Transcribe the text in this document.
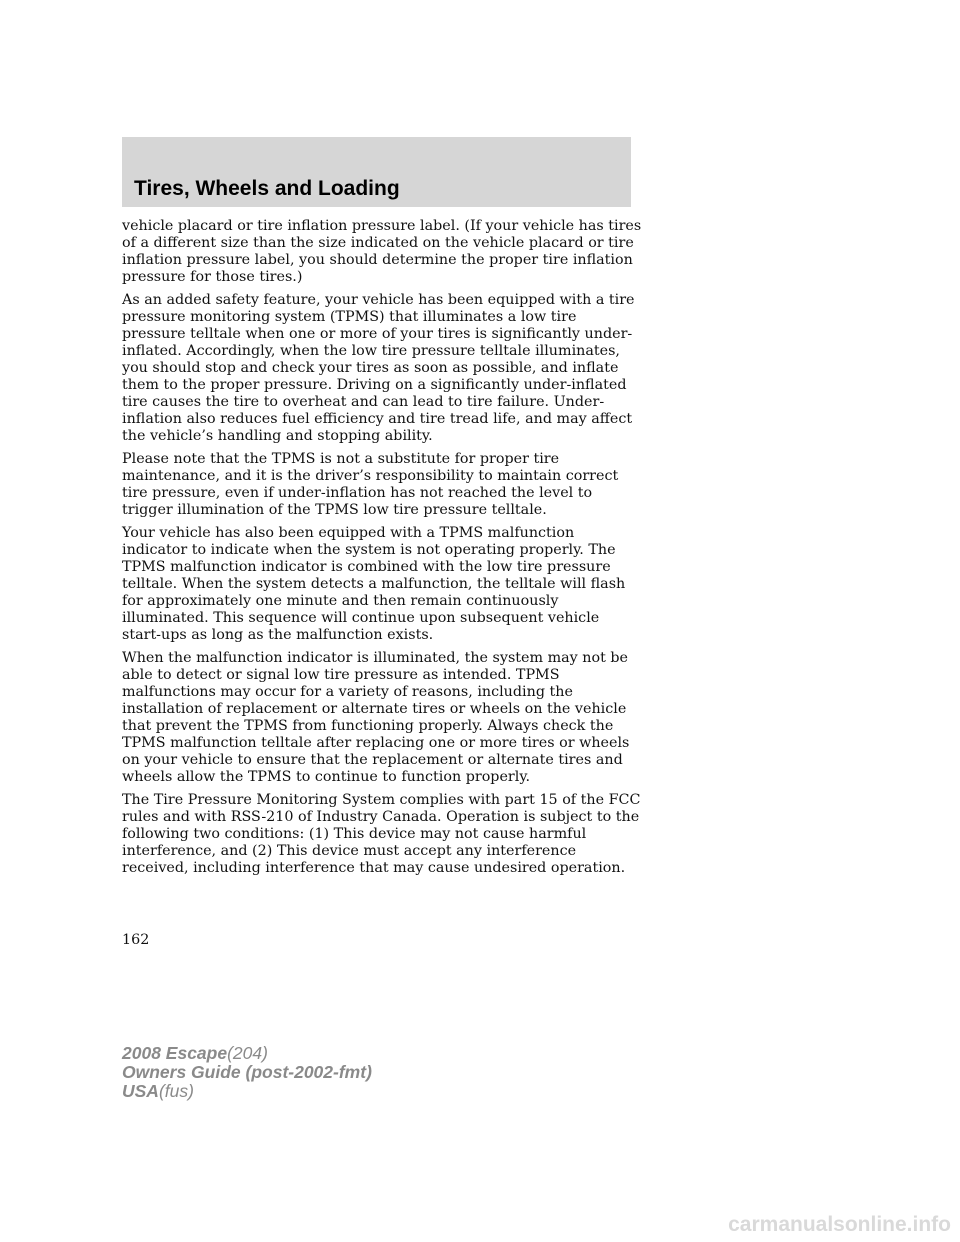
Tires, Wheels and Loading

vehicle placard or tire inflation pressure label. (If your vehicle has tires of a different size than the size indicated on the vehicle placard or tire inflation pressure label, you should determine the proper tire inflation pressure for those tires.)

As an added safety feature, your vehicle has been equipped with a tire pressure monitoring system (TPMS) that illuminates a low tire pressure telltale when one or more of your tires is significantly under-inflated. Accordingly, when the low tire pressure telltale illuminates, you should stop and check your tires as soon as possible, and inflate them to the proper pressure. Driving on a significantly under-inflated tire causes the tire to overheat and can lead to tire failure. Under-inflation also reduces fuel efficiency and tire tread life, and may affect the vehicle’s handling and stopping ability.

Please note that the TPMS is not a substitute for proper tire maintenance, and it is the driver’s responsibility to maintain correct tire pressure, even if under-inflation has not reached the level to trigger illumination of the TPMS low tire pressure telltale.

Your vehicle has also been equipped with a TPMS malfunction indicator to indicate when the system is not operating properly. The TPMS malfunction indicator is combined with the low tire pressure telltale. When the system detects a malfunction, the telltale will flash for approximately one minute and then remain continuously illuminated. This sequence will continue upon subsequent vehicle start-ups as long as the malfunction exists.

When the malfunction indicator is illuminated, the system may not be able to detect or signal low tire pressure as intended. TPMS malfunctions may occur for a variety of reasons, including the installation of replacement or alternate tires or wheels on the vehicle that prevent the TPMS from functioning properly. Always check the TPMS malfunction telltale after replacing one or more tires or wheels on your vehicle to ensure that the replacement or alternate tires and wheels allow the TPMS to continue to function properly.

The Tire Pressure Monitoring System complies with part 15 of the FCC rules and with RSS-210 of Industry Canada. Operation is subject to the following two conditions: (1) This device may not cause harmful interference, and (2) This device must accept any interference received, including interference that may cause undesired operation.

162
2008 Escape(204)
Owners Guide (post-2002-fmt)
USA(fus)
carmanualsonline.info
